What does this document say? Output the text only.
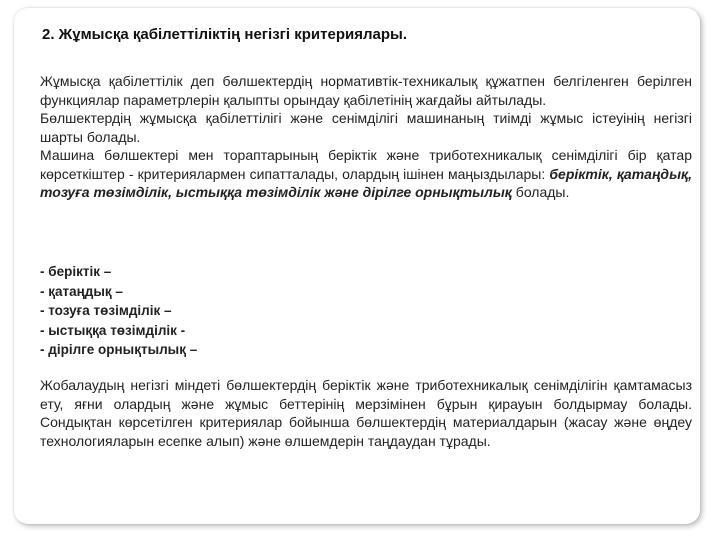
2. Жұмысқа қабілеттіліктің негізгі критериялары.

Жұмысқа қабілеттілік деп бөлшектердің нормативтік-техникалық құжатпен белгіленген берілген функциялар параметрлерін қалыпты орындау қабілетінің жағдайы айтылады.

Бөлшектердің жұмысқа қабілеттілігі және сенімділігі машинаның тиімді жұмыс істеуінің негізгі шарты болады.

Машина бөлшектері мен тораптарының беріктік және триботехникалық сенімділігі бір қатар көрсеткіштер - критериялармен сипатталады, олардың ішінен маңыздылары: беріктік, қатаңдық, тозуға төзімділік, ыстыққа төзімділік және дірілге орнықтылық болады.

- беріктік –

- қатаңдық –

- тозуға төзімділік –

- ыстыққа төзімділік -

- дірілге орнықтылық –

Жобалаудың негізгі міндеті бөлшектердің беріктік және триботехникалық сенімділігін қамтамасыз ету, яғни олардың және жұмыс беттерінің мерзімінен бұрын қирауын болдырмау болады. Сондықтан көрсетілген критериялар бойынша бөлшектердің материалдарын (жасау және өңдеу технологияларын есепке алып) және өлшемдерін таңдаудан тұрады.
